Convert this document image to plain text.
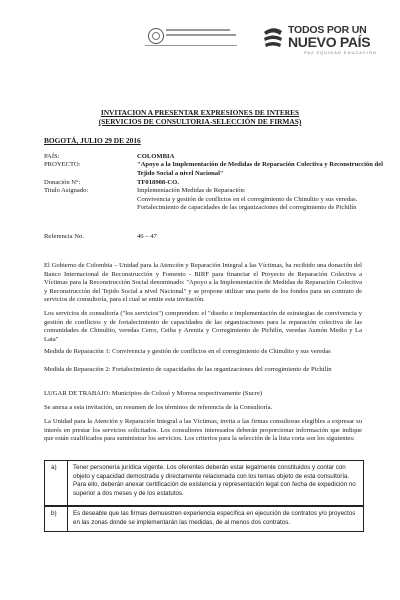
TODOS POR UN
NUEVO PAÍS
PAZ EQUIDAD EDUCACIÓN
INVITACION A PRESENTAR EXPRESIONES DE INTERES
(SERVICIOS DE CONSULTORIA-SELECCIÓN DE FIRMAS)
BOGOTÁ, JULIO 29 DE 2016
PAÍS:	COLOMBIA
PROYECTO:	"Apoyo a la Implementación de Medidas de Reparación Colectiva y Reconstrucción del Tejido Social a nivel Nacional"
Donación N°:	TF018908-CO.
Titulo Asignado:	Implementación Medidas de Reparación:
Convivencia y gestión de conflictos en el corregimiento de Chinulito y sus veredas.
Fortalecimiento de capacidades de las organizaciones del corregimiento de Pichilín
Referencia No.	46 – 47
El Gobierno de Colombia – Unidad para la Atención y Reparación Integral a las Víctimas, ha recibido una donación del Banco Internacional de Reconstrucción y Fomento - BIRF para financiar el Proyecto de Reparación Colectiva a Víctimas para la Reconstrucción Social denominado: "Apoyo a la Implementación de Medidas de Reparación Colectiva y Reconstrucción del Tejido Social a nivel Nacional" y se propone utilizar una parte de los fondos para un contrato de servicios de consultoría, para el cual se emite esta invitación.
Los servicios de consultoría ("los servicios") comprenden: el "diseño e implementación de estrategias de convivencia y gestión de conflictos y de fortalecimiento de capacidades de las organizaciones para la reparación colectiva de las comunidades de Chinulito, veredas Cerro, Ceiba y Arenita y Corregimiento de Pichilín, veredas Asmón Medio y La Lata"
Medida de Reparación 1: Convivencia y gestión de conflictos en el corregimiento de Chinulito y sus veredas
Medida de Reparación 2: Fortalecimiento de capacidades de las organizaciones del corregimiento de Pichilín
LUGAR DE TRABAJO: Municipios de Colosó y Morroa respectivamente (Sucre)
Se anexa a esta invitación, un resumen de los términos de referencia de la Consultoría.
La Unidad para la Atención y Reparación Integral a las Víctimas, invita a las firmas consultoras elegibles a expresar su interés en prestar los servicios solicitados. Los consultores interesados deberán proporcionar información que indique que están cualificados para suministrar los servicios. Los criterios para la selección de la lista corta son los siguientes:
a)	Tener personería jurídica vigente. Los oferentes deberán estar legalmente constituidos y contar con objeto y capacidad demostrada y directamente relacionada con los temas objeto de esta consultoría. Para ello, deberán anexar certificación de existencia y representación legal con fecha de expedición no superior a dos meses y de los estatutos.
b)	Es deseable que las firmas demuestren experiencia específica en ejecución de contratos y/o proyectos en las zonas donde se implementarán las medidas, de al menos dos contratos.
